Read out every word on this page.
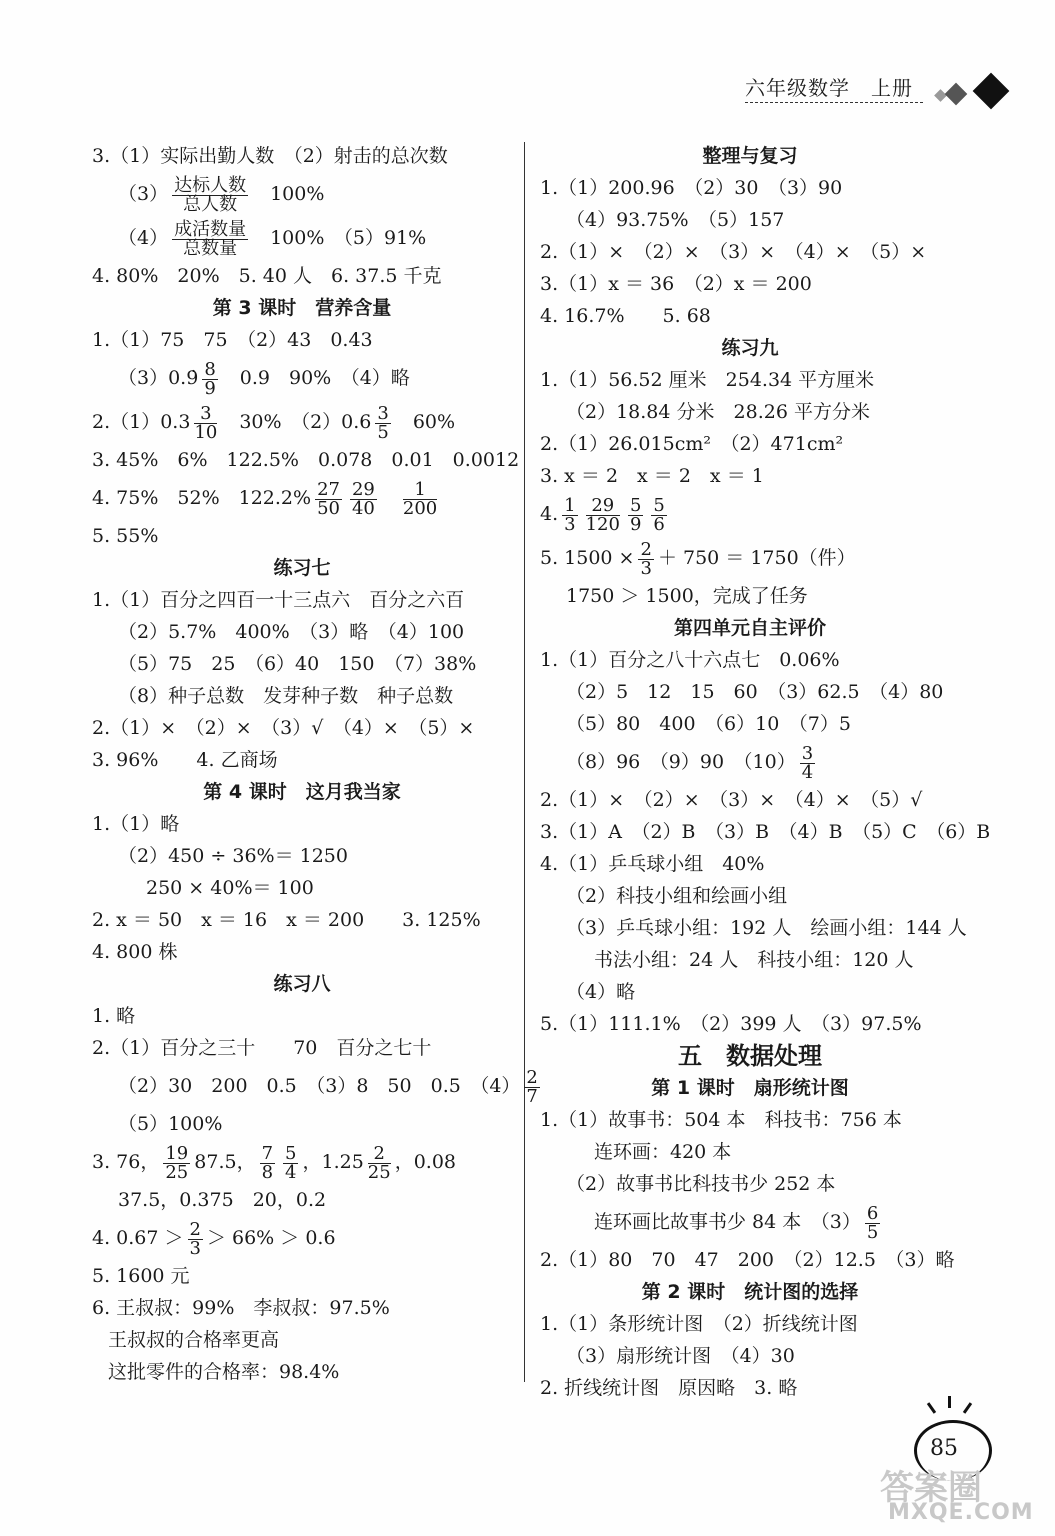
六年级数学　上册
3.（1）实际出勤人数　（2）射击的总次数
$(3) \frac{\text{达标人数}}{\text{总人数}} 100\%$
$(4) \frac{\text{成活数量}}{\text{总数量}} 100\%$　（5）91%
4. 80%　20%　5. 40 人　6. 37.5 千克
第 3 课时　营养含量
1.（1）75　75　（2）43　0.43
（3）0.9̇ $\frac{8}{9} 0.9$　90%　（4）略
$2.(1)0.3 \frac{3}{10} 30\%$　$(2)0.6 \frac{3}{5} 60\%$
3. 45%　6%　122.5%　0.078　0.01　0.0012
4. 75%　52%　$122.2\% \frac{27}{50} \frac{29}{40} \frac{1}{200}$
5. 55%
练习七
1.（1）百分之四百一十三点六　百分之六百
（2）5.7%　400%　（3）略　（4）100
（5）75　25　（6）40　150　（7）38%
（8）种子总数　发芽种子数　种子总数
2.（1）×　（2）×　（3）√　（4）×　（5）×
3. 96%　　4. 乙商场
第 4 课时　这月我当家
1.（1）略
（2）450 ÷ 36%＝ 1250
250 × 40%＝ 100
2. x ＝ 50　x ＝ 16　x ＝ 200　　3. 125%
4. 800 株
练习八
1. 略
2.（1）百分之三十　　70　百分之七十
（2）30　200　0.5　（3）8　50　0.5　$(4) \frac{2}{7}$
（5）100%
3. 76， $\frac{19}{25} 87.5$， $\frac{7}{8} \frac{5}{4}$ ，$1.25 \frac{2}{25}$ ，0.08
37.5，0.375　20，0.2
4. $0.67 > \frac{2}{3} > 66\% > 0.6$
5. 1600 元
6. 王叔叔：99%　李叔叔：97.5%
王叔叔的合格率更高
这批零件的合格率：98.4%
整理与复习
1.（1）200.96　（2）30　（3）90
（4）93.75%　（5）157
2.（1）×　（2）×　（3）×　（4）×　（5）×
3.（1）x ＝ 36　（2）x ＝ 200
4. 16.7%　　5. 68
练习九
1.（1）56.52 厘米　254.34 平方厘米
（2）18.84 分米　28.26 平方分米
2.（1）26.015cm²　（2）471cm²
3. x ＝ 2　x ＝ 2　x ＝ 1
4. $\frac{1}{3} \frac{29}{120} \frac{5}{9} \frac{5}{6}$
5. $1500 \times \frac{2}{3} + 750 = 1750$（件）
1750 ＞ 1500，完成了任务
第四单元自主评价
1.（1）百分之八十六点七　0.06%
（2）5　12　15　60　（3）62.5　（4）80
（5）80　400　（6）10　（7）5
（8）96　（9）90　$(10) \frac{3}{4}$
2.（1）×　（2）×　（3）×　（4）×　（5）√
3.（1）A　（2）B　（3）B　（4）B　（5）C　（6）B
4.（1）乒乓球小组　40%
（2）科技小组和绘画小组
（3）乒乓球小组：192 人　绘画小组：144 人
书法小组：24 人　科技小组：120 人
（4）略
5.（1）111.1%　（2）399 人　（3）97.5%
五　数据处理
第 1 课时　扇形统计图
1.（1）故事书：504 本　科技书：756 本
连环画：420 本
（2）故事书比科技书少 252 本
连环画比故事书少 84 本　$(3) \frac{6}{5}$
2.（1）80　70　47　200　（2）12.5　（3）略
第 2 课时　统计图的选择
1.（1）条形统计图　（2）折线统计图
（3）扇形统计图　（4）30
2. 折线统计图　原因略　3. 略
85
答案圈
MXQE.COM
